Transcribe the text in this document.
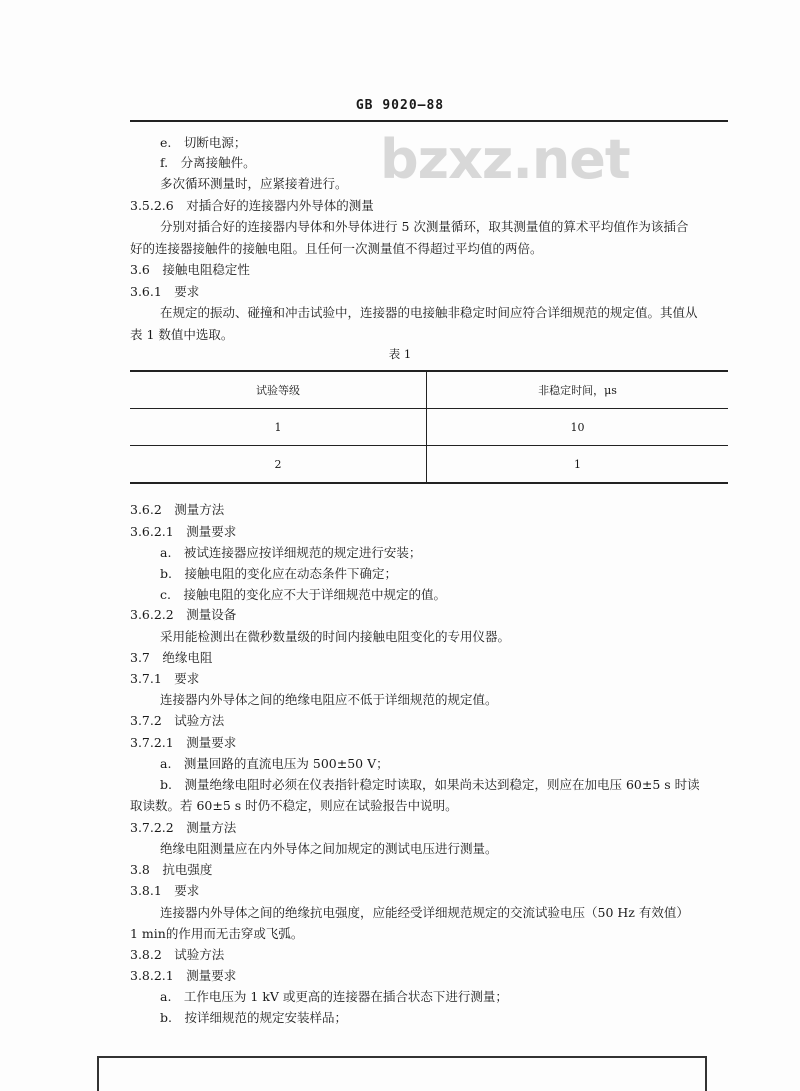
bzxz.net
GB 9020—88
e.　切断电源；
f.　分离接触件。
多次循环测量时，应紧接着进行。
3.5.2.6　对插合好的连接器内外导体的测量
分别对插合好的连接器内导体和外导体进行 5 次测量循环，取其测量值的算术平均值作为该插合
好的连接器接触件的接触电阻。且任何一次测量值不得超过平均值的两倍。
3.6　接触电阻稳定性
3.6.1　要求
在规定的振动、碰撞和冲击试验中，连接器的电接触非稳定时间应符合详细规范的规定值。其值从
表 1 数值中选取。
表 1
试验等级	非稳定时间，μs
1	10
2	1
3.6.2　测量方法
3.6.2.1　测量要求
a.　被试连接器应按详细规范的规定进行安装；
b.　接触电阻的变化应在动态条件下确定；
c.　接触电阻的变化应不大于详细规范中规定的值。
3.6.2.2　测量设备
采用能检测出在微秒数量级的时间内接触电阻变化的专用仪器。
3.7　绝缘电阻
3.7.1　要求
连接器内外导体之间的绝缘电阻应不低于详细规范的规定值。
3.7.2　试验方法
3.7.2.1　测量要求
a.　测量回路的直流电压为 500±50 V；
b.　测量绝缘电阻时必须在仪表指针稳定时读取，如果尚未达到稳定，则应在加电压 60±5 s 时读
取读数。若 60±5 s 时仍不稳定，则应在试验报告中说明。
3.7.2.2　测量方法
绝缘电阻测量应在内外导体之间加规定的测试电压进行测量。
3.8　抗电强度
3.8.1　要求
连接器内外导体之间的绝缘抗电强度，应能经受详细规范规定的交流试验电压（50 Hz 有效值）
1 min的作用而无击穿或飞弧。
3.8.2　试验方法
3.8.2.1　测量要求
a.　工作电压为 1 kV 或更高的连接器在插合状态下进行测量；
b.　按详细规范的规定安装样品；
